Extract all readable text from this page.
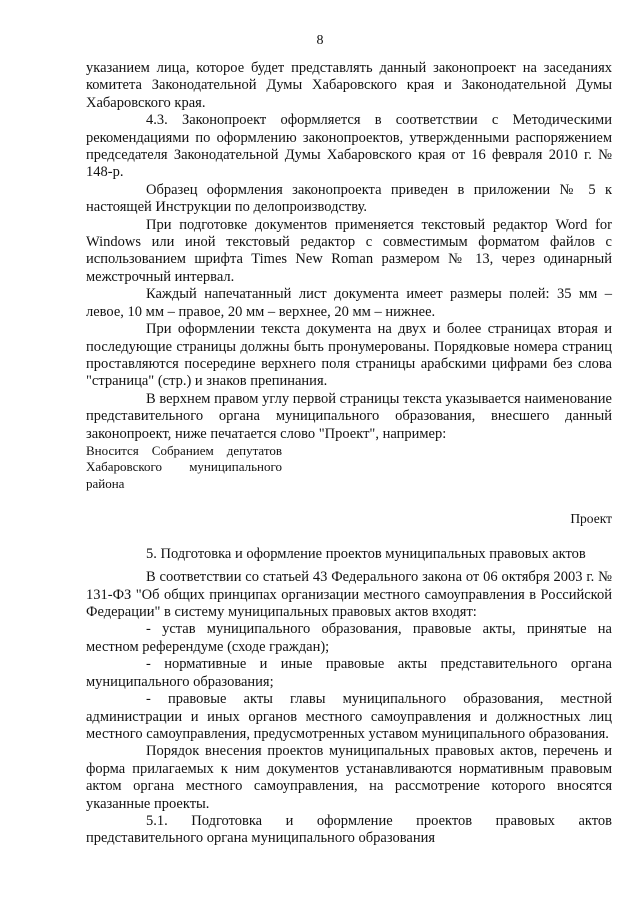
8

указанием лица, которое будет представлять данный законопроект на заседаниях комитета Законодательной Думы Хабаровского края и Законодательной Думы Хабаровского края.

4.3. Законопроект оформляется в соответствии с Методическими рекомендациями по оформлению законопроектов, утвержденными распоряжением председателя Законодательной Думы Хабаровского края от 16 февраля 2010 г. № 148-р.

Образец оформления законопроекта приведен в приложении № 5 к настоящей Инструкции по делопроизводству.

При подготовке документов применяется текстовый редактор Word for Windows или иной текстовый редактор с совместимым форматом файлов с использованием шрифта Times New Roman размером № 13, через одинарный межстрочный интервал.

Каждый напечатанный лист документа имеет размеры полей: 35 мм – левое, 10 мм – правое, 20 мм – верхнее, 20 мм – нижнее.

При оформлении текста документа на двух и более страницах вторая и последующие страницы должны быть пронумерованы. Порядковые номера страниц проставляются посередине верхнего поля страницы арабскими цифрами без слова "страница" (стр.) и знаков препинания.

В верхнем правом углу первой страницы текста указывается наименование представительного органа муниципального образования, внесшего данный законопроект, ниже печатается слово "Проект", например:

Вносится Собранием депутатов Хабаровского муниципального района

Проект

5. Подготовка и оформление проектов муниципальных правовых актов

В соответствии со статьей 43 Федерального закона от 06 октября 2003 г. № 131-ФЗ "Об общих принципах организации местного самоуправления в Российской Федерации" в систему муниципальных правовых актов входят:

- устав муниципального образования, правовые акты, принятые на местном референдуме (сходе граждан);

- нормативные и иные правовые акты представительного органа муниципального образования;

- правовые акты главы муниципального образования, местной администрации и иных органов местного самоуправления и должностных лиц местного самоуправления, предусмотренных уставом муниципального образования.

Порядок внесения проектов муниципальных правовых актов, перечень и форма прилагаемых к ним документов устанавливаются нормативным правовым актом органа местного самоуправления, на рассмотрение которого вносятся указанные проекты.

5.1. Подготовка и оформление проектов правовых актов представительного органа муниципального образования
